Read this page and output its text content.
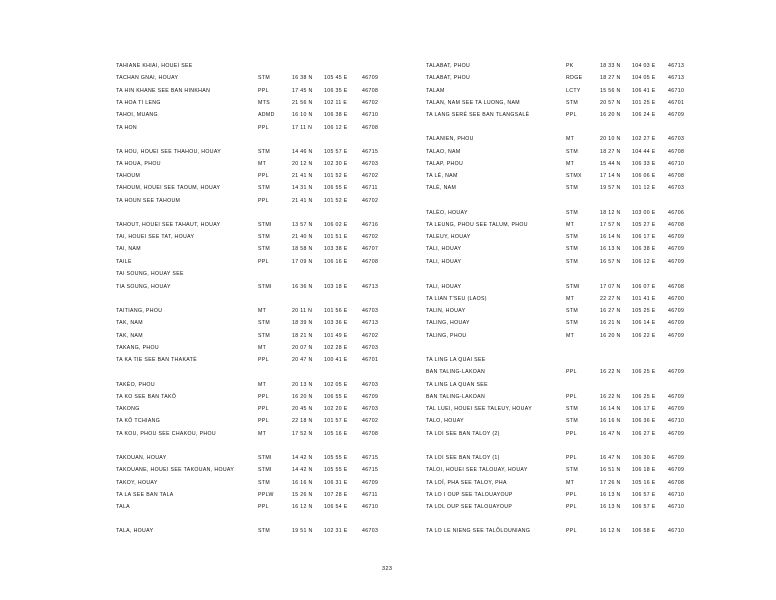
TAHIANE KHIAI, HOUEI SEE
TACHAN GNAI, HOUAY	STM	16 38 N 105 45 E	46709
TA HIN KHANE SEE BAN HINKHAN	PPL	17 45 N 106 35 E	46708
TA HOA TI LENG	MTS	21 56 N 102 11 E	46702
TAHOI, MUANG	ADMD	16 10 N 106 38 E	46710
TA HON	PPL	17 11 N 106 12 E	46708
TA HOU, HOUEI SEE THAHOU, HOUAY	STM	14 46 N 105 57 E	46715
TA HOUA, PHOU	MT	20 12 N 102 30 E	46703
TAHOUM	PPL	21 41 N 101 52 E	46702
TAHOUM, HOUEI SEE TAOUM, HOUAY	STM	14 31 N 106 55 E	46711
TA HOUN SEE TAHOUM	PPL	21 41 N 101 52 E	46702
TAHOUT, HOUEI SEE TAHAUT, HOUAY	STMI	13 57 N 106 02 E	46716
TAI, HOUEI SEE TAT, HOUAY	STM	21 40 N 101 51 E	46702
TAI, NAM	STM	18 58 N 103 38 E	46707
TAILE	PPL	17 09 N 106 16 E	46708
TAI SOUNG, HOUAY SEE
TIA SOUNG, HOUAY	STMI	16 36 N 103 18 E	46713
TAITIANG, PHOU	MT	20 11 N 101 56 E	46703
TAK, NAM	STM	18 39 N 103 36 E	46713
TAK, NAM	STM	18 21 N 101 49 E	46702
TAKANG, PHOU	MT	20 07 N 102 28 E	46703
TA KA TIE SEE BAN THAKATÈ	PPL	20 47 N 100 41 E	46701
TAKÈO, PHOU	MT	20 13 N 102 05 E	46703
TA KO SEE BAN TAKÔ	PPL	16 20 N 106 55 E	46709
TAKONG	PPL	20 45 N 102 20 E	46703
TA KÔ TCHIANG	PPL	22 18 N 101 57 E	46702
TA KOU, PHOU SEE CHAKOU, PHOU	MT	17 52 N 105 16 E	46708
TAKOUAN, HOUAY	STMI	14 42 N 105 55 E	46715
TAKOUANE, HOUEI SEE TAKOUAN, HOUAY	STMI	14 42 N 105 55 E	46715
TAKOY, HOUAY	STM	16 16 N 106 31 E	46709
TA LA SEE BAN TALA	PPLW	15 26 N 107 28 E	46711
TALA	PPL	16 12 N 106 54 E	46710
TALA, HOUAY	STM	19 51 N 102 31 E	46703
TALABAT, PHOU	PK	18 33 N 104 03 E 46713
TALABAT, PHOU	RDGE	18 27 N 104 05 E 46713
TALAM	LCTY	15 56 N 106 41 E 46710
TALAN, NAM SEE TA LUONG, NAM	STM	20 57 N 101 25 E 46701
TA LANG SERÉ SEE BAN TLANGSALÉ	PPL	16 20 N 106 24 E 46709
TALANIEN, PHOU	MT	20 10 N 102 27 E 46703
TALAO, NAM	STM	18 27 N 104 44 E 46708
TALAP, PHOU	MT	15 44 N 106 33 E 46710
TA LÉ, NAM	STMX	17 14 N 106 06 E 46708
TALÈ, NAM	STM	19 57 N 101 12 E 46703
TALÈO, HOUAY	STM	18 12 N 103 00 E 46706
TA LEUNG, PHOU SEE TALUM, PHOU	MT	17 57 N 105 27 E 46708
TALEUY, HOUAY	STM	16 14 N 106 17 E 46709
TALI, HOUAY	STM	16 13 N 106 38 E 46709
TALI, HOUAY	STM	16 57 N 106 12 E 46709
TALI, HOUAY	STMI	17 07 N 106 07 E 46708
TA LIAN T'SEU (LAOS)	MT	22 27 N 101 41 E 46700
TALIN, HOUAY	STM	16 27 N 105 25 E 46709
TALING, HOUAY	STM	16 21 N 106 14 E 46709
TALING, PHOU	MT	16 20 N 106 22 E 46709
TA LING LA QUAI SEE
BAN TALING-LAKOAN	PPL	16 22 N 106 25 E 46709
TA LING LA QUAN SEE
BAN TALING-LAKOAN	PPL	16 22 N 106 25 E 46709
TAL LUEI, HOUEI SEE TALEUY, HOUAY	STM	16 14 N 106 17 E 46709
TALO, HOUAY	STM	16 16 N 106 36 E 46710
TA LOI SEE BAN TALOY (2)	PPL	16 47 N 106 27 E 46709
TA LOI SEE BAN TALOY (1)	PPL	16 47 N 106 30 E 46709
TALOI, HOUEI SEE TALOUAY, HOUAY	STM	16 51 N 106 18 E 46709
TA LOÏ, PHA SEE TALOY, PHA	MT	17 26 N 105 16 E 46708
TA LO I OUP SEE TALOUAYOUP	PPL	16 13 N 106 57 E 46710
TA LOL OUP SEE TALOUAYOUP	PPL	16 13 N 106 57 E 46710
TA LO LE NIENG SEE TALÔLOUNIANG	PPL	16 12 N 106 58 E 46710
323
